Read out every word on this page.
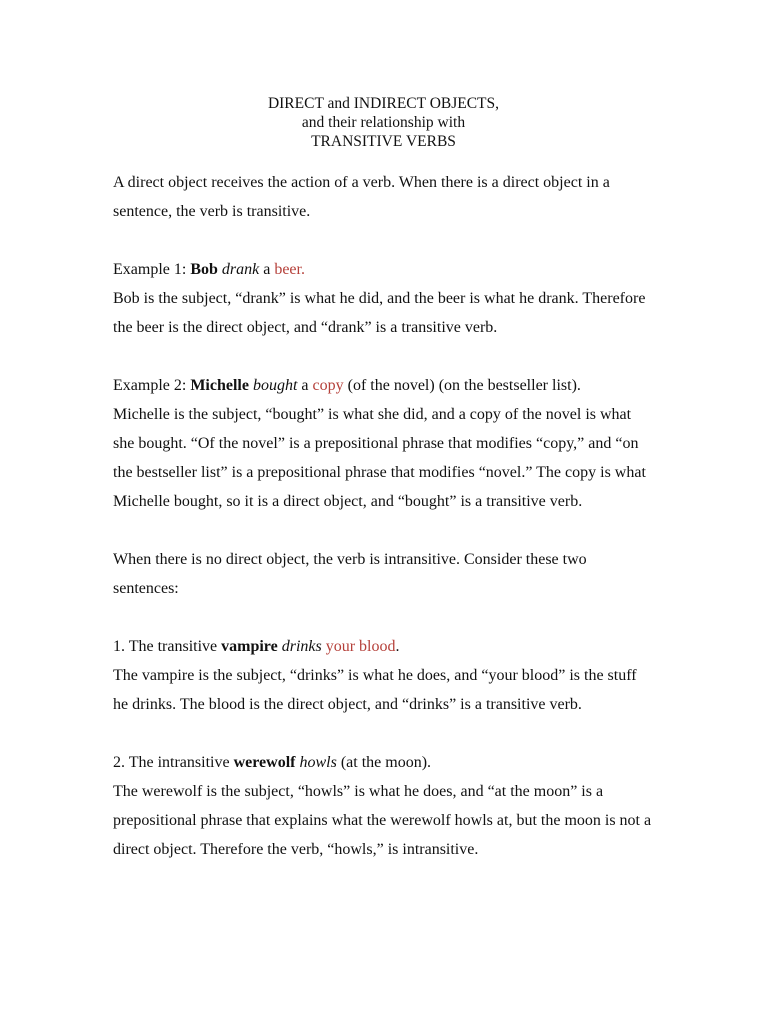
DIRECT and INDIRECT OBJECTS,
and their relationship with
TRANSITIVE VERBS

A direct object receives the action of a verb. When there is a direct object in a sentence, the verb is transitive.

Example 1: Bob drank a beer.

Bob is the subject, “drank” is what he did, and the beer is what he drank. Therefore the beer is the direct object, and “drank” is a transitive verb.

Example 2: Michelle bought a copy (of the novel) (on the bestseller list).

Michelle is the subject, “bought” is what she did, and a copy of the novel is what she bought. “Of the novel” is a prepositional phrase that modifies “copy,” and “on the bestseller list” is a prepositional phrase that modifies “novel.” The copy is what Michelle bought, so it is a direct object, and “bought” is a transitive verb.

When there is no direct object, the verb is intransitive. Consider these two sentences:

1. The transitive vampire drinks your blood.

The vampire is the subject, “drinks” is what he does, and “your blood” is the stuff he drinks. The blood is the direct object, and “drinks” is a transitive verb.

2. The intransitive werewolf howls (at the moon).

The werewolf is the subject, “howls” is what he does, and “at the moon” is a prepositional phrase that explains what the werewolf howls at, but the moon is not a direct object. Therefore the verb, “howls,” is intransitive.
